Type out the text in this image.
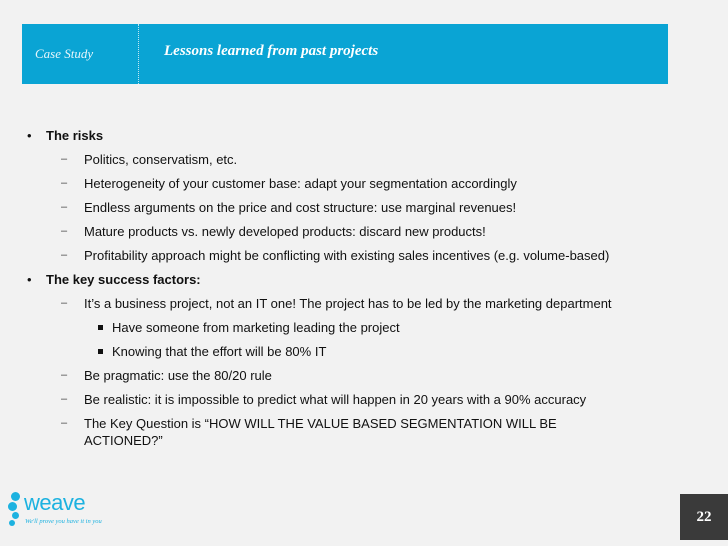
Case Study	Lessons learned from past projects
• The risks
– Politics, conservatism, etc.
– Heterogeneity of your customer base: adapt your segmentation accordingly
– Endless arguments on the price and cost structure: use marginal revenues!
– Mature products vs. newly developed products: discard new products!
– Profitability approach might be conflicting with existing sales incentives (e.g. volume-based)
• The key success factors:
– It’s a business project, not an IT one! The project has to be led by the marketing department
Have someone from marketing leading the project
Knowing that the effort will be 80% IT
– Be pragmatic: use the 80/20 rule
– Be realistic: it is impossible to predict what will happen in 20 years with a 90% accuracy
– The Key Question is “HOW WILL THE VALUE BASED SEGMENTATION WILL BE ACTIONED?”
weave
We'll prove you have it in you	22
